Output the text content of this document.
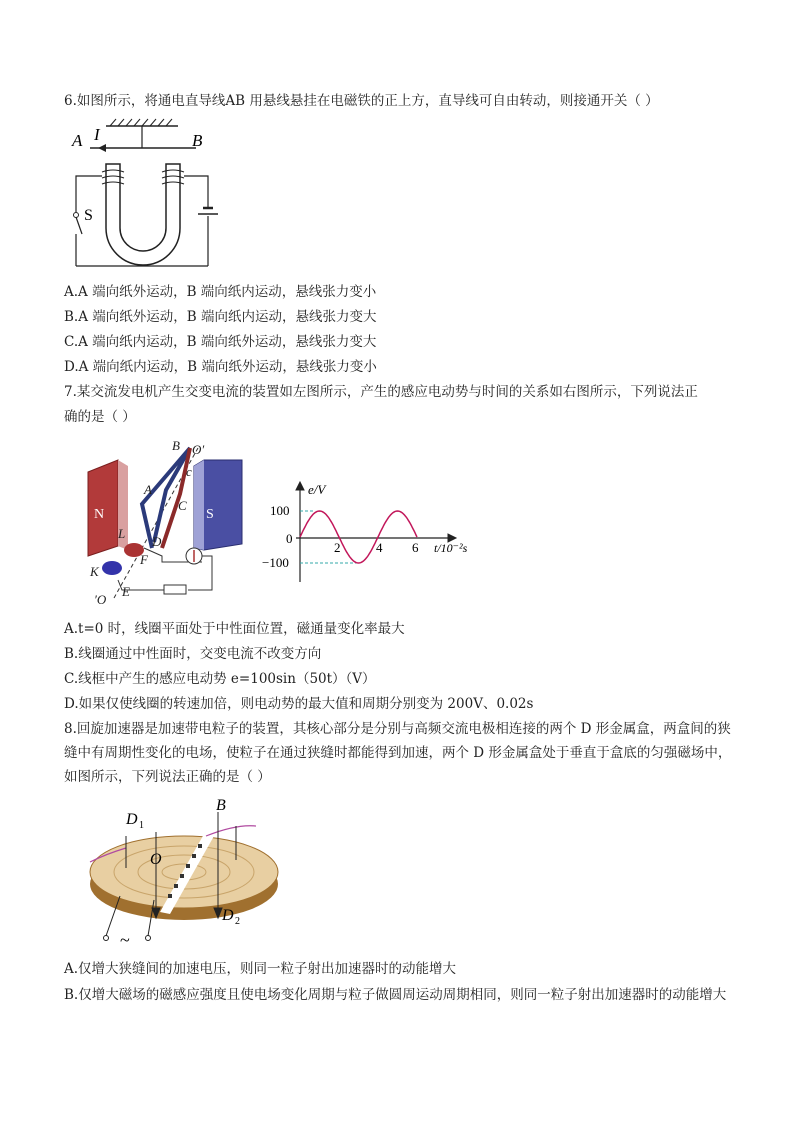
6.如图所示，将通电直导线AB 用悬线悬挂在电磁铁的正上方，直导线可自由转动，则接通开关（ ）
A I	B
S
A.A 端向纸外运动，B 端向纸内运动，悬线张力变小
B.A 端向纸外运动，B 端向纸内运动，悬线张力变大
C.A 端向纸内运动，B 端向纸外运动，悬线张力变大
D.A 端向纸内运动，B 端向纸外运动，悬线张力变小
7.某交流发电机产生交变电流的装置如左图所示，产生的感应电动势与时间的关系如右图所示，下列说法正
确的是（ ）
N	S
B O′
c
A
C
L
D
F
K
′O
E
e/V
t/10⁻²s
100
0
−100
2	4 6
A.t=0 时，线圈平面处于中性面位置，磁通量变化率最大
B.线圈通过中性面时，交变电流不改变方向
C.线框中产生的感应电动势 e=100sin（50t）（V）
D.如果仅使线圈的转速加倍，则电动势的最大值和周期分别变为 200V、0.02s
8.回旋加速器是加速带电粒子的装置，其核心部分是分别与高频交流电极相连接的两个 D 形金属盒，两盒间的狭缝中有周期性变化的电场，使粒子在通过狭缝时都能得到加速，两个 D 形金属盒处于垂直于盒底的匀强磁场中，如图所示，下列说法正确的是（ ）
~
D 1
B
O
D 2
A.仅增大狭缝间的加速电压，则同一粒子射出加速器时的动能增大
B.仅增大磁场的磁感应强度且使电场变化周期与粒子做圆周运动周期相同，则同一粒子射出加速器时的动能增大
